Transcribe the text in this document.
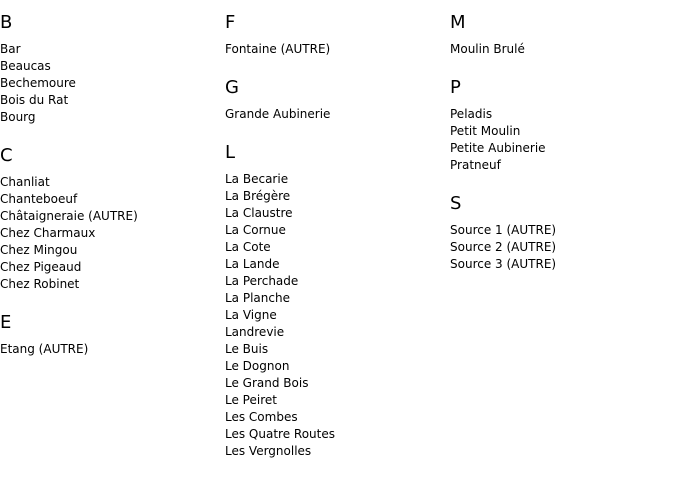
B
Bar
Beaucas
Bechemoure
Bois du Rat
Bourg
C
Chanliat
Chanteboeuf
Châtaigneraie (AUTRE)
Chez Charmaux
Chez Mingou
Chez Pigeaud
Chez Robinet
E
Etang (AUTRE)
F
Fontaine (AUTRE)
G
Grande Aubinerie
L
La Becarie
La Brégère
La Claustre
La Cornue
La Cote
La Lande
La Perchade
La Planche
La Vigne
Landrevie
Le Buis
Le Dognon
Le Grand Bois
Le Peiret
Les Combes
Les Quatre Routes
Les Vergnolles
M
Moulin Brulé
P
Peladis
Petit Moulin
Petite Aubinerie
Pratneuf
S
Source 1 (AUTRE)
Source 2 (AUTRE)
Source 3 (AUTRE)
